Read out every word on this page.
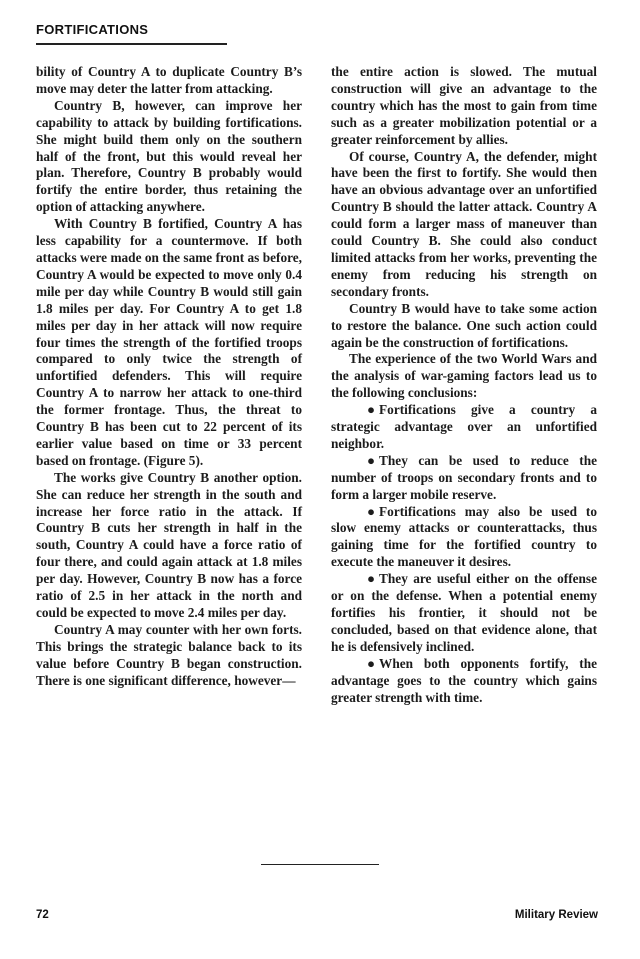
FORTIFICATIONS

bility of Country A to duplicate Country B’s move may deter the latter from attacking.

Country B, however, can improve her capability to attack by building fortifications. She might build them only on the southern half of the front, but this would reveal her plan. Therefore, Country B probably would fortify the entire border, thus retaining the option of attacking anywhere.

With Country B fortified, Country A has less capability for a countermove. If both attacks were made on the same front as before, Country A would be expected to move only 0.4 mile per day while Country B would still gain 1.8 miles per day. For Country A to get 1.8 miles per day in her attack will now require four times the strength of the fortified troops compared to only twice the strength of unfortified defenders. This will require Country A to narrow her attack to one-third the former frontage. Thus, the threat to Country B has been cut to 22 percent of its earlier value based on time or 33 percent based on frontage. (Figure 5).

The works give Country B another option. She can reduce her strength in the south and increase her force ratio in the attack. If Country B cuts her strength in half in the south, Country A could have a force ratio of four there, and could again attack at 1.8 miles per day. However, Country B now has a force ratio of 2.5 in her attack in the north and could be expected to move 2.4 miles per day.

Country A may counter with her own forts. This brings the strategic balance back to its value before Country B began construction. There is one significant difference, however—

the entire action is slowed. The mutual construction will give an advantage to the country which has the most to gain from time such as a greater mobilization potential or a greater reinforcement by allies.

Of course, Country A, the defender, might have been the first to fortify. She would then have an obvious advantage over an unfortified Country B should the latter attack. Country A could form a larger mass of maneuver than could Country B. She could also conduct limited attacks from her works, preventing the enemy from reducing his strength on secondary fronts.

Country B would have to take some action to restore the balance. One such action could again be the construction of fortifications.

The experience of the two World Wars and the analysis of war-gaming factors lead us to the following conclusions:

● Fortifications give a country a strategic advantage over an unfortified neighbor.

● They can be used to reduce the number of troops on secondary fronts and to form a larger mobile reserve.

● Fortifications may also be used to slow enemy attacks or counterattacks, thus gaining time for the fortified country to execute the maneuver it desires.

● They are useful either on the offense or on the defense. When a potential enemy fortifies his frontier, it should not be concluded, based on that evidence alone, that he is defensively inclined.

● When both opponents fortify, the advantage goes to the country which gains greater strength with time.

72	Military Review
